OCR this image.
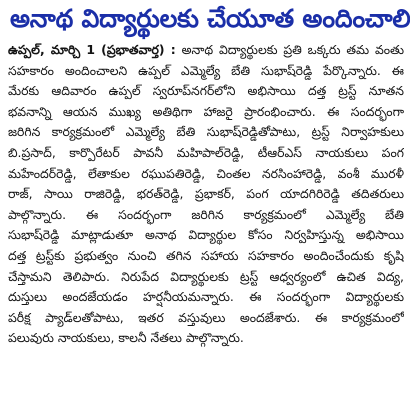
అనాథ విద్యార్థులకు చేయూత అందించాలి
ఉప్పల్, మార్చి 1 (ప్రభాతవార్త) : అనాథ విద్యార్థులకు ప్రతి ఒక్కరు తమ వంతు
సహకారం అందించాలని ఉప్పల్ ఎమ్మెల్యే బేతి సుభాష్‌రెడ్డి పేర్కొన్నారు. ఈ
మేరకు ఆదివారం ఉప్పల్ స్వరూప్‌నగర్‌లోని అభిసాయి దత్త ట్రస్ట్ నూతన
భవనాన్ని ఆయన ముఖ్య అతిథిగా హాజరై ప్రారంభించారు. ఈ సందర్భంగా
జరిగిన కార్యక్రమంలో ఎమ్మెల్యే బేతి సుభాష్‌రెడ్డితోపాటు, ట్రస్ట్ నిర్వాహకులు
బి.ప్రసాద్, కార్పొరేటర్ పావనీ మహిపాల్‌రెడ్డి, టీఆర్ఎస్ నాయకులు పంగ
మహేందర్‌రెడ్డి, లేతాకుల రఘుపతిరెడ్డి, చింతల నరసింహారెడ్డి, వంశీ మురళీ
రాజ్, సాయి రాజిరెడ్డి, భరత్‌రెడ్డి, ప్రభాకర్, పంగ యాదగిరిరెడ్డి తదితరులు
పాల్గొన్నారు. ఈ సందర్భంగా జరిగిన కార్యక్రమంలో ఎమ్మెల్యే బేతి
సుభాష్‌రెడ్డి మాట్లాడుతూ అనాథ విద్యార్థుల కోసం నిర్వహిస్తున్న అభిసాయి
దత్త ట్రస్ట్‌కు ప్రభుత్వం నుంచి తగిన సహాయ సహకారం అందించేందుకు కృషి
చేస్తామని తెలిపారు. నిరుపేద విద్యార్థులకు ట్రస్ట్ ఆధ్వర్యంలో ఉచిత విద్య,
దుస్తులు అందజేయడం హర్షనీయమన్నారు. ఈ సందర్భంగా విద్యార్థులకు
పరీక్ష ప్యాడ్‌లతోపాటు, ఇతర వస్తువులు అందజేశారు. ఈ కార్యక్రమంలో
పలువురు నాయకులు, కాలనీ నేతలు పాల్గొన్నారు.
